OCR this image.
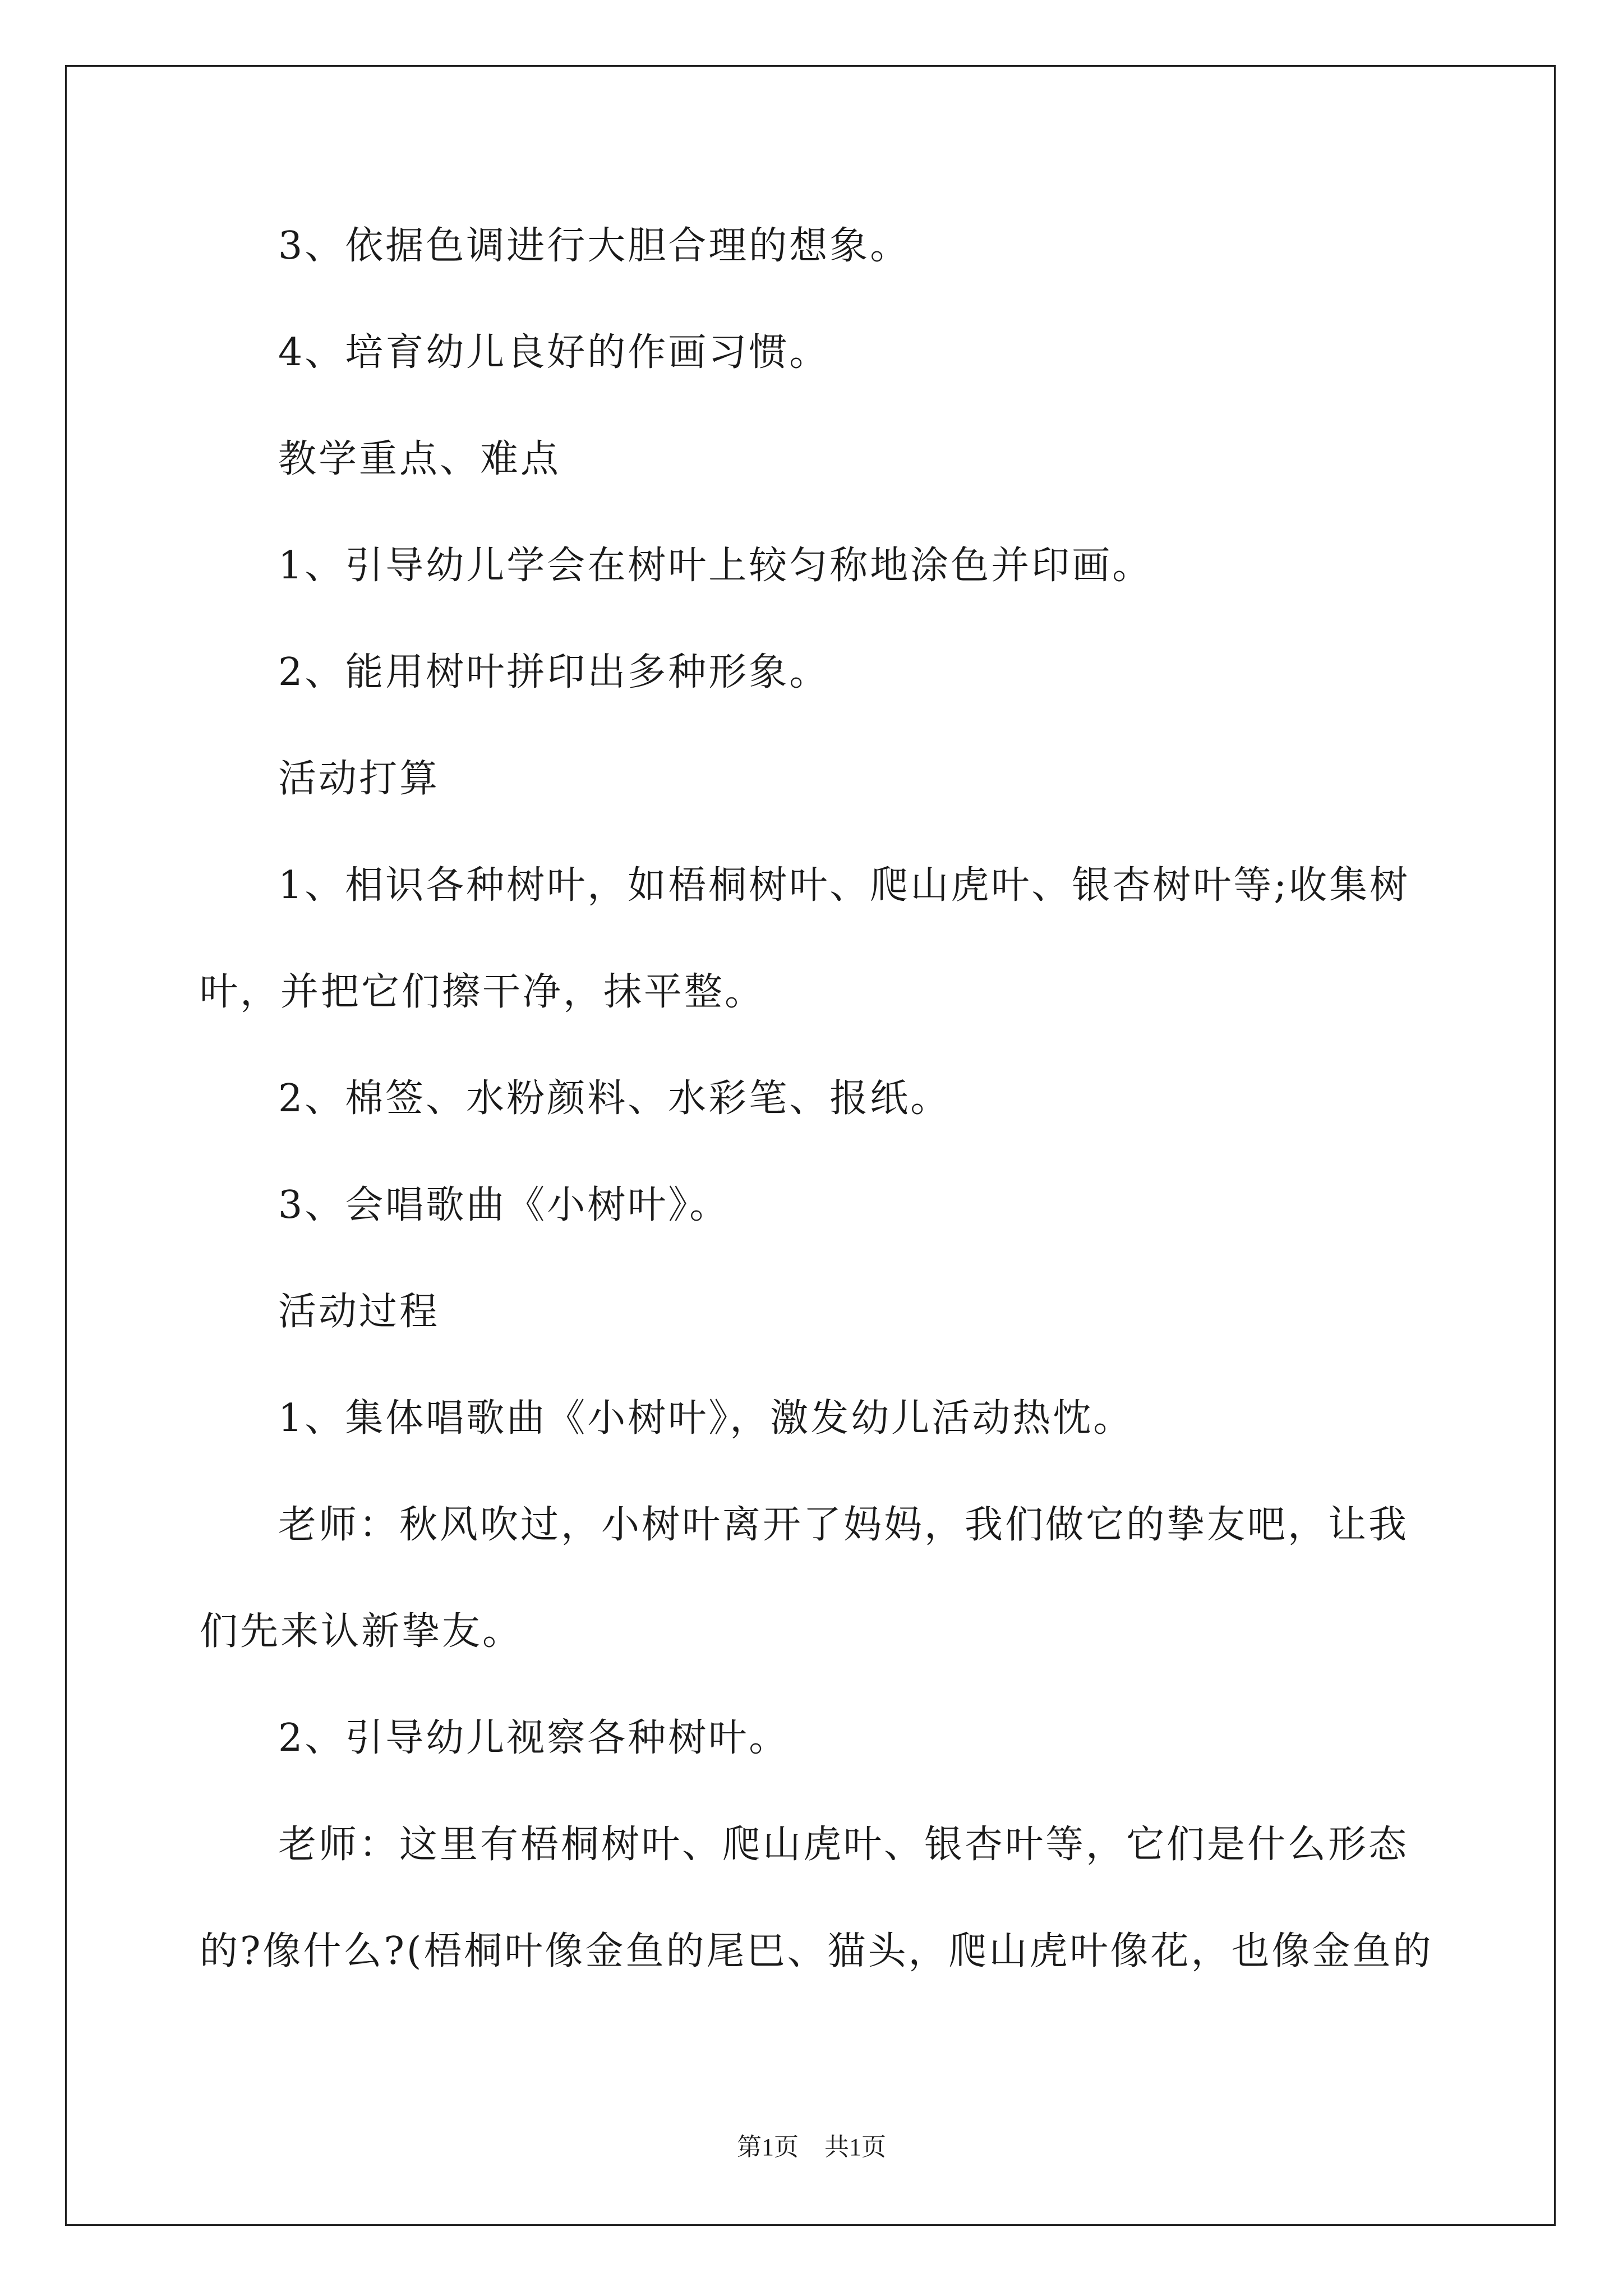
3、依据色调进行大胆合理的想象。
4、培育幼儿良好的作画习惯。
教学重点、难点
1、引导幼儿学会在树叶上较匀称地涂色并印画。
2、能用树叶拼印出多种形象。
活动打算
1、相识各种树叶，如梧桐树叶、爬山虎叶、银杏树叶等;收集树
叶，并把它们擦干净，抹平整。
2、棉签、水粉颜料、水彩笔、报纸。
3、会唱歌曲《小树叶》。
活动过程
1、集体唱歌曲《小树叶》，激发幼儿活动热忱。
老师：秋风吹过，小树叶离开了妈妈，我们做它的挚友吧，让我
们先来认新挚友。
2、引导幼儿视察各种树叶。
老师：这里有梧桐树叶、爬山虎叶、银杏叶等，它们是什么形态
的?像什么?(梧桐叶像金鱼的尾巴、猫头，爬山虎叶像花，也像金鱼的
第1页 共1页
